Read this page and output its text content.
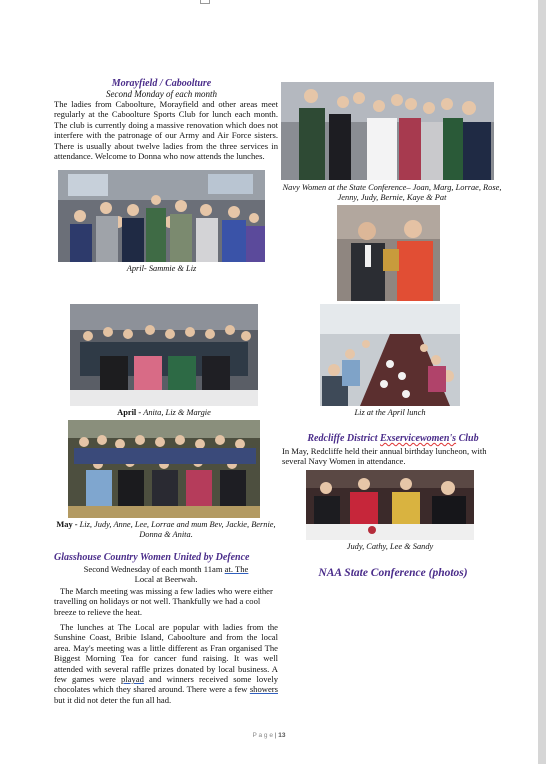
Morayfield / Caboolture
Second Monday of each month
The ladies from Caboolture, Morayfield and other areas meet regularly at the Caboolture Sports Club for lunch each month. The club is currently doing a massive renovation which does not interfere with the patronage of our Army and Air Force sisters. There is usually about twelve ladies from the three services in attendance. Welcome to Donna who now attends the lunches.
April- Sammie & Liz
April - Anita, Liz & Margie
May - Liz, Judy, Anne, Lee, Lorrae and mum Bev, Jackie, Bernie, Donna & Anita.
Glasshouse Country Women United by Defence
Second Wednesday of each month 11am at. The
Local at Beerwah.
The March meeting was missing a few ladies who were either travelling on holidays or not well. Thankfully we had a cool breeze to relieve the heat.
The lunches at The Local are popular with ladies from the Sunshine Coast, Bribie Island, Caboolture and from the local area. May's meeting was a little different as Fran organised The Biggest Morning Tea for cancer fund raising. It was well attended with several raffle prizes donated by local business. A few games were playad and winners received some lovely chocolates which they shared around. There were a few showers but it did not deter the fun all had.
Navy Women at the State Conference– Joan, Marg, Lorrae, Rose, Jenny, Judy, Bernie, Kaye & Pat
Liz at the April lunch
Redcliffe District Exservicewomen's Club
In May, Redcliffe held their annual birthday luncheon, with several Navy Women in attendance.
Judy, Cathy, Lee & Sandy
NAA State Conference (photos)
P a g e | 13
